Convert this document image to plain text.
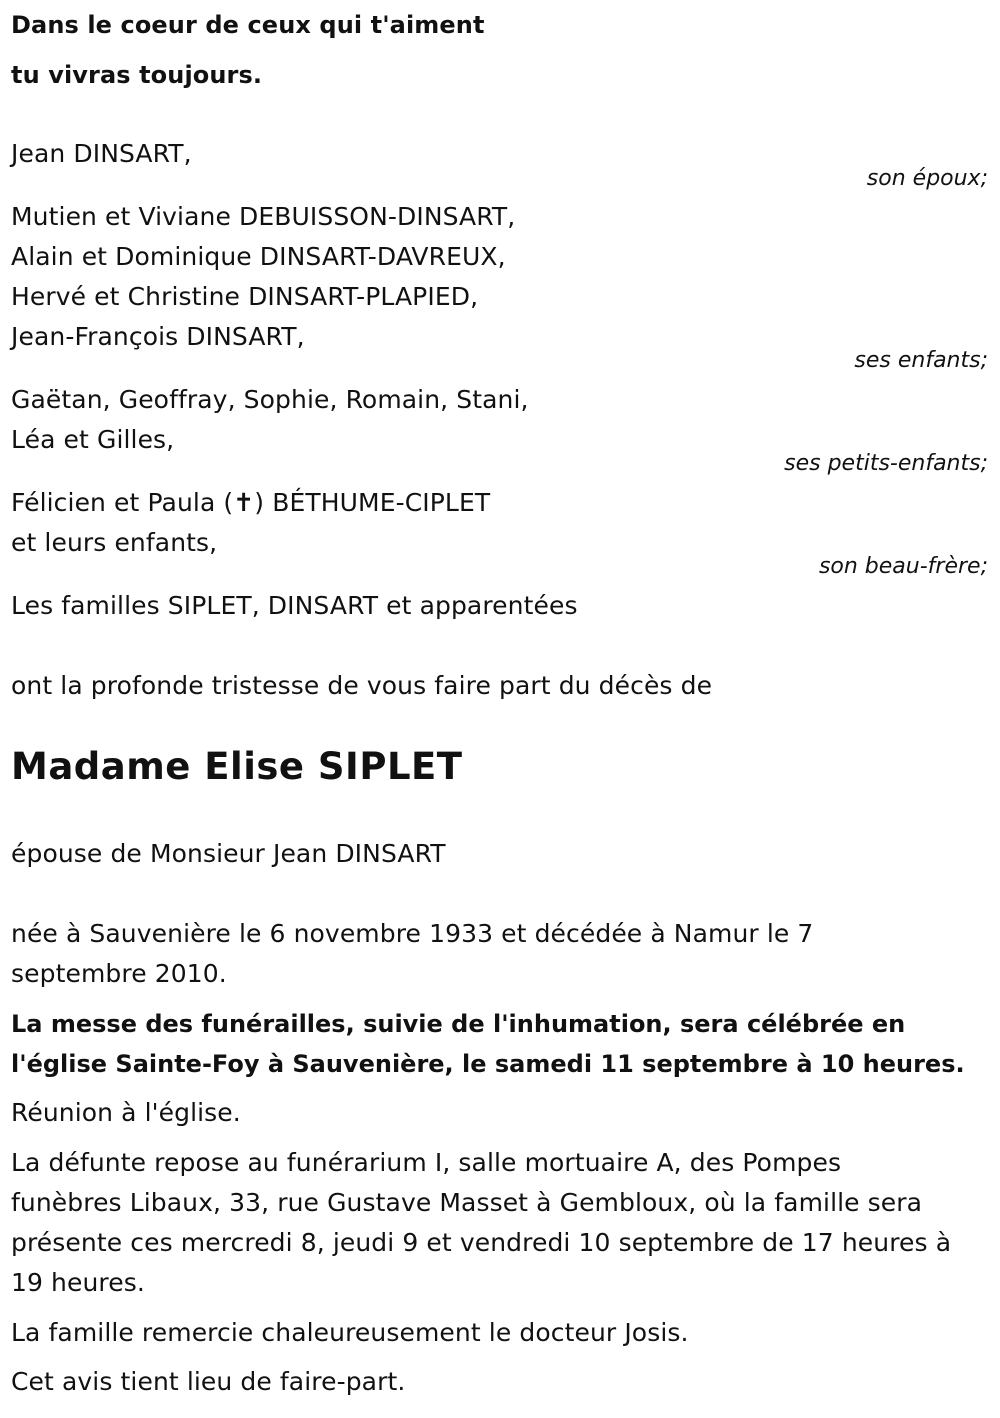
Dans le coeur de ceux qui t'aiment
tu vivras toujours.
Jean DINSART,
son époux;
Mutien et Viviane DEBUISSON-DINSART,
Alain et Dominique DINSART-DAVREUX,
Hervé et Christine DINSART-PLAPIED,
Jean-François DINSART,
ses enfants;
Gaëtan, Geoffray, Sophie, Romain, Stani,
Léa et Gilles,
ses petits-enfants;
Félicien et Paula (✝) BÉTHUME-CIPLET
et leurs enfants,
son beau-frère;
Les familles SIPLET, DINSART et apparentées
ont la profonde tristesse de vous faire part du décès de
Madame Elise SIPLET
épouse de Monsieur Jean DINSART
née à Sauvenière le 6 novembre 1933 et décédée à Namur le 7
septembre 2010.
La messe des funérailles, suivie de l'inhumation, sera célébrée en
l'église Sainte-Foy à Sauvenière, le samedi 11 septembre à 10 heures.
Réunion à l'église.
La défunte repose au funérarium I, salle mortuaire A, des Pompes
funèbres Libaux, 33, rue Gustave Masset à Gembloux, où la famille sera
présente ces mercredi 8, jeudi 9 et vendredi 10 septembre de 17 heures à
19 heures.
La famille remercie chaleureusement le docteur Josis.
Cet avis tient lieu de faire-part.
